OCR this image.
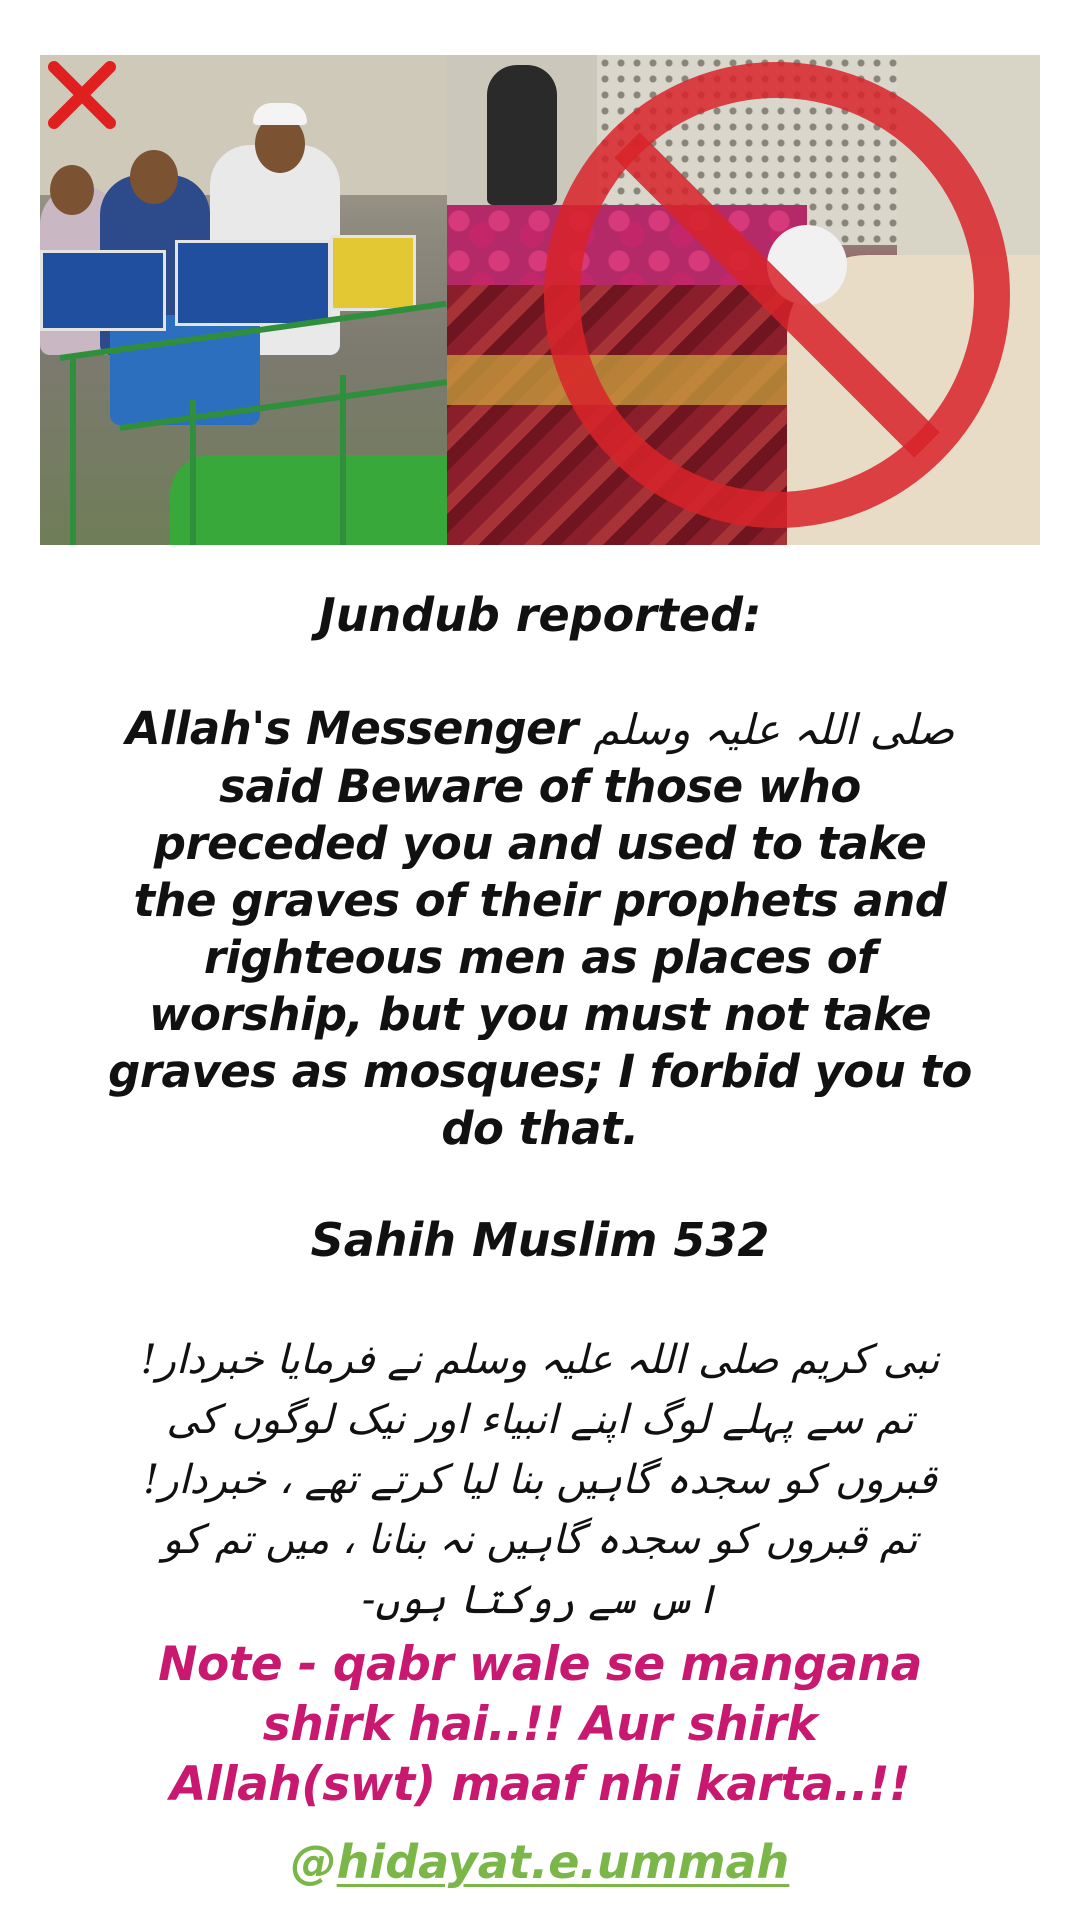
Jundub reported:
Allah's Messenger صلی اللہ علیہ وسلم
said Beware of those who
preceded you and used to take
the graves of their prophets and
righteous men as places of
worship, but you must not take
graves as mosques; I forbid you to
do that.
Sahih Muslim 532
نبی کریم صلی اللہ علیہ وسلم نے فرمایا خبردار!
تم سے پہلے لوگ اپنے انبیاء اور نیک لوگوں کی
قبروں کو سجدہ گاہیں بنا لیا کرتے تھے ، خبردار!
تم قبروں کو سجدہ گاہیں نہ بنانا ، میں تم کو
اس سے روکتا ہوں-
Note - qabr wale se mangana
shirk hai..!! Aur shirk
Allah(swt) maaf nhi karta..!!
@hidayat.e.ummah
